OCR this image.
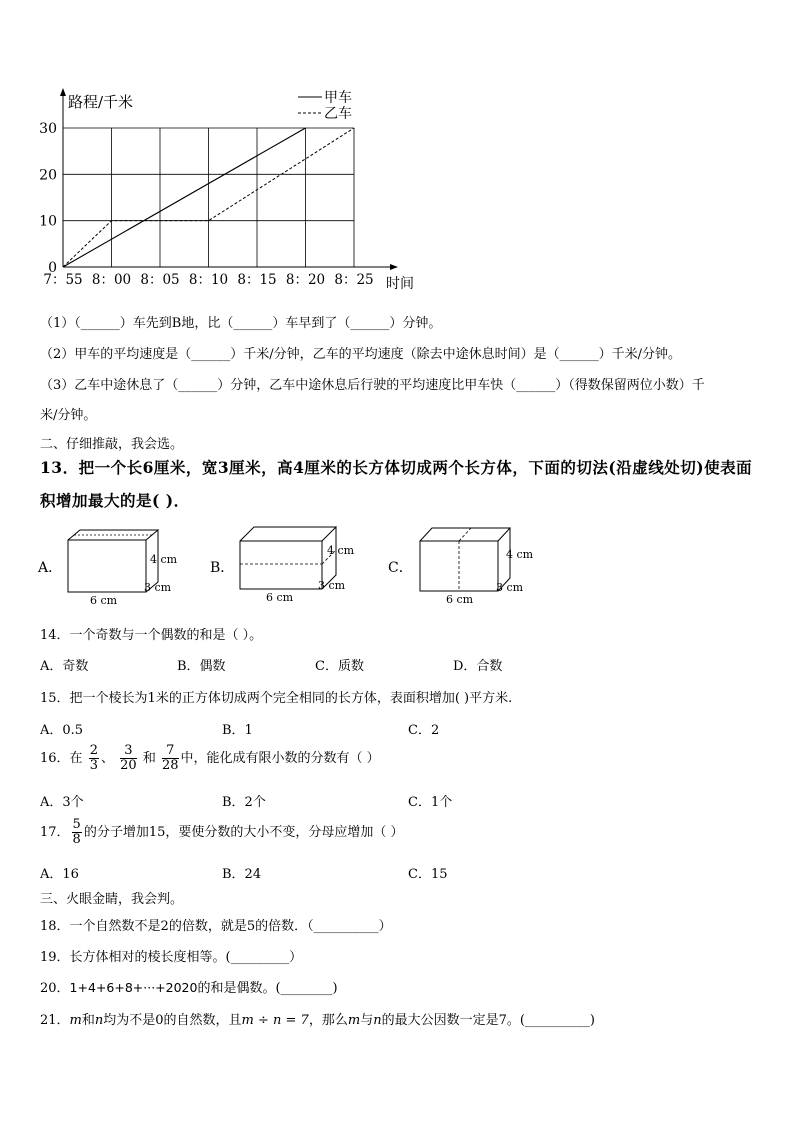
路程/千米
时间
甲车
乙车
0
10
20
30
7：55 8：00 8：05 8：10 8：15 8：20 8：25
（1）（______）车先到B地，比（______）车早到了（______）分钟。
（2）甲车的平均速度是（______）千米/分钟，乙车的平均速度（除去中途休息时间）是（______）千米/分钟。
（3）乙车中途休息了（______）分钟，乙车中途休息后行驶的平均速度比甲车快（______）（得数保留两位小数）千
米/分钟。
二、仔细推敲，我会选。
13．把一个长6厘米，宽3厘米，高4厘米的长方体切成两个长方体，下面的切法(沿虚线处切)使表面
积增加最大的是( )．
A．
4 cm
3 cm
6 cm
B．
4 cm
3 cm
6 cm
C．
4 cm
3 cm
6 cm
14．一个奇数与一个偶数的和是（ ）。
A．奇数	B．偶数	C．质数	D．合数
15．把一个棱长为1米的正方体切成两个完全相同的长方体，表面积增加( )平方米.
A．0.5	B．1	C．2
16．在 $\frac{2}{3}$ 、 $\frac{3}{20}$ 和 $\frac{7}{28}$ 中，能化成有限小数的分数有（ ）
A．3个	B．2个	C．1个
17． $\frac{5}{8}$ 的分子增加15，要使分数的大小不变，分母应增加（ ）
A．16	B．24	C．15
三、火眼金睛，我会判。
18．一个自然数不是2的倍数，就是5的倍数．（__________）
19．长方体相对的棱长度相等。(_________）
20．1+4+6+8+···+2020的和是偶数。(________)
21．m和n均为不是0的自然数，且m ÷ n = 7，那么m与n的最大公因数一定是7。(__________)
